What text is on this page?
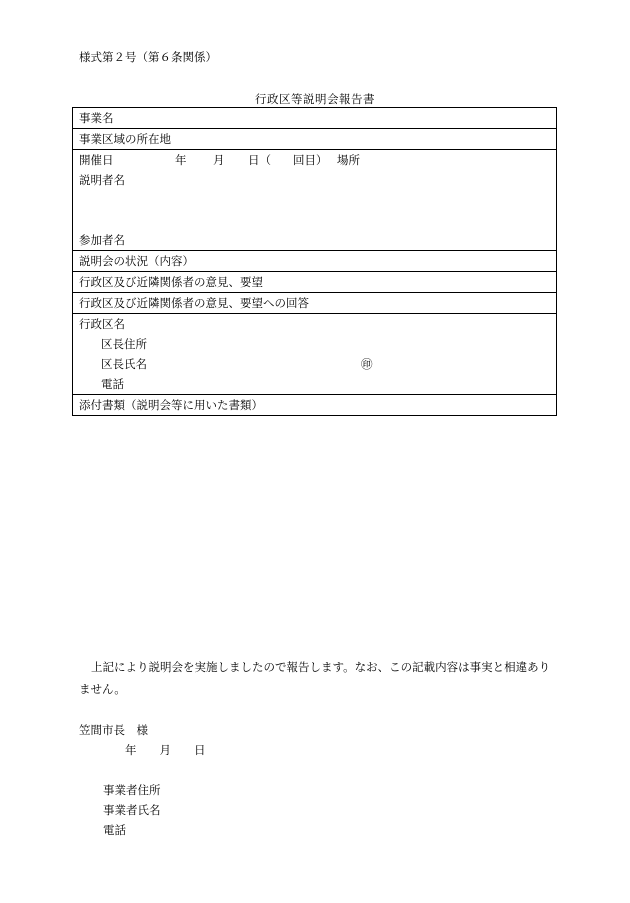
様式第２号（第６条関係）
行政区等説明会報告書
事業名
事業区域の所在地

開催日	年 月 日（ 回目） 場所
説明者名
参加者名

説明会の状況（内容）
行政区及び近隣関係者の意見、要望
行政区及び近隣関係者の意見、要望への回答

行政区名
区長住所
区長氏名	㊞
電話

添付書類（説明会等に用いた書類）

上記により説明会を実施しましたので報告します。なお、この記載内容は事実と相違ありません。

笠間市長　様
年　　月　　日
事業者住所
事業者氏名
電話
